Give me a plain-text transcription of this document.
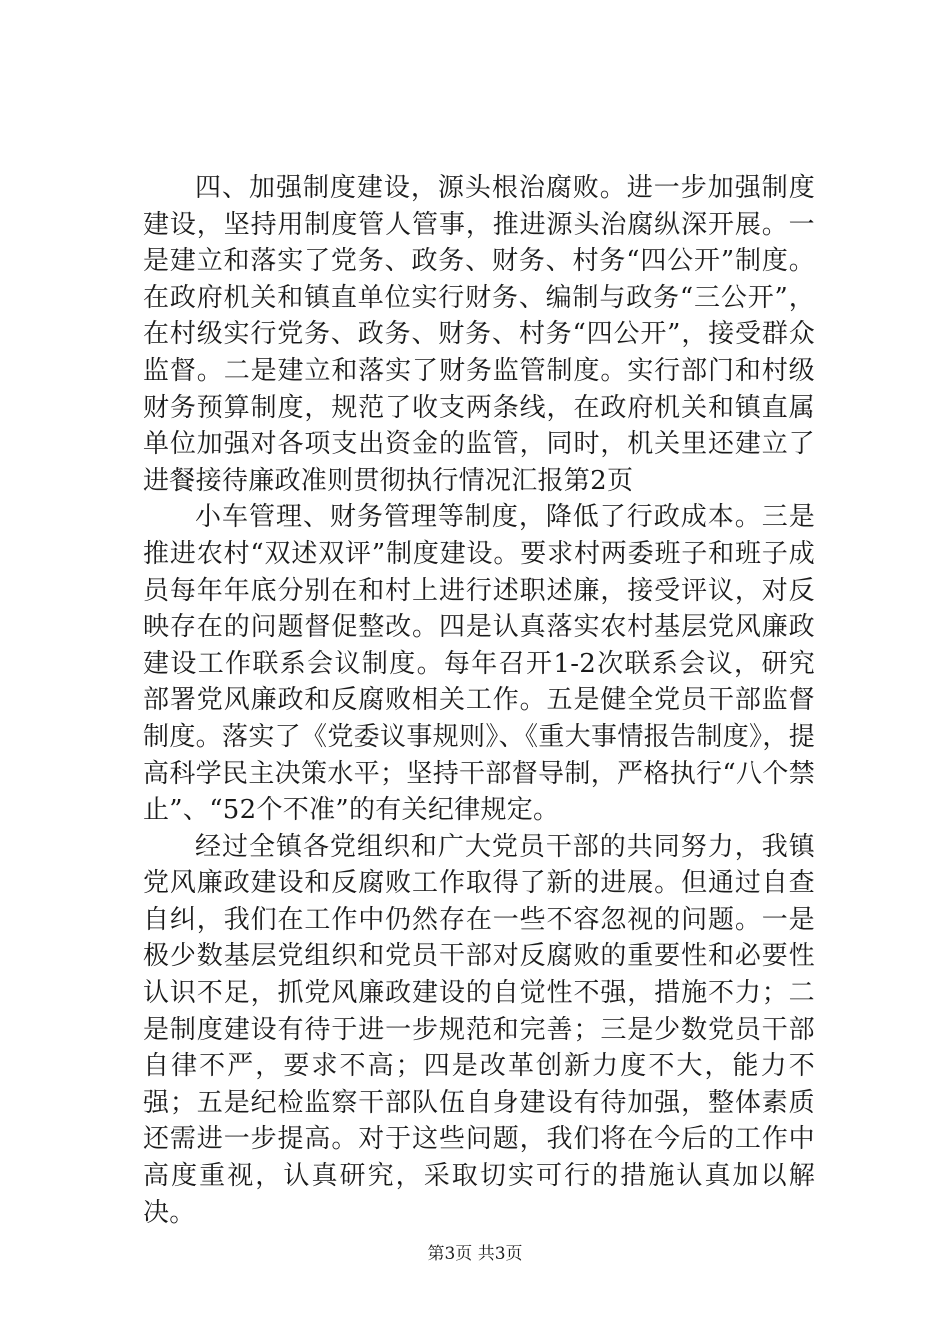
四、加强制度建设，源头根治腐败。进一步加强制度建设，坚持用制度管人管事，推进源头治腐纵深开展。一是建立和落实了党务、政务、财务、村务“四公开”制度。在政府机关和镇直单位实行财务、编制与政务“三公开”，在村级实行党务、政务、财务、村务“四公开”，接受群众监督。二是建立和落实了财务监管制度。实行部门和村级财务预算制度，规范了收支两条线，在政府机关和镇直属单位加强对各项支出资金的监管，同时，机关里还建立了进餐接待廉政准则贯彻执行情况汇报第2页

小车管理、财务管理等制度，降低了行政成本。三是推进农村“双述双评”制度建设。要求村两委班子和班子成员每年年底分别在和村上进行述职述廉，接受评议，对反映存在的问题督促整改。四是认真落实农村基层党风廉政建设工作联系会议制度。每年召开1-2次联系会议，研究部署党风廉政和反腐败相关工作。五是健全党员干部监督制度。落实了《党委议事规则》、《重大事情报告制度》，提高科学民主决策水平；坚持干部督导制，严格执行“八个禁止”、“52个不准”的有关纪律规定。

经过全镇各党组织和广大党员干部的共同努力，我镇党风廉政建设和反腐败工作取得了新的进展。但通过自查自纠，我们在工作中仍然存在一些不容忽视的问题。一是极少数基层党组织和党员干部对反腐败的重要性和必要性认识不足，抓党风廉政建设的自觉性不强，措施不力；二是制度建设有待于进一步规范和完善；三是少数党员干部自律不严，要求不高；四是改革创新力度不大，能力不强；五是纪检监察干部队伍自身建设有待加强，整体素质还需进一步提高。对于这些问题，我们将在今后的工作中高度重视，认真研究，采取切实可行的措施认真加以解决。

第3页 共3页
